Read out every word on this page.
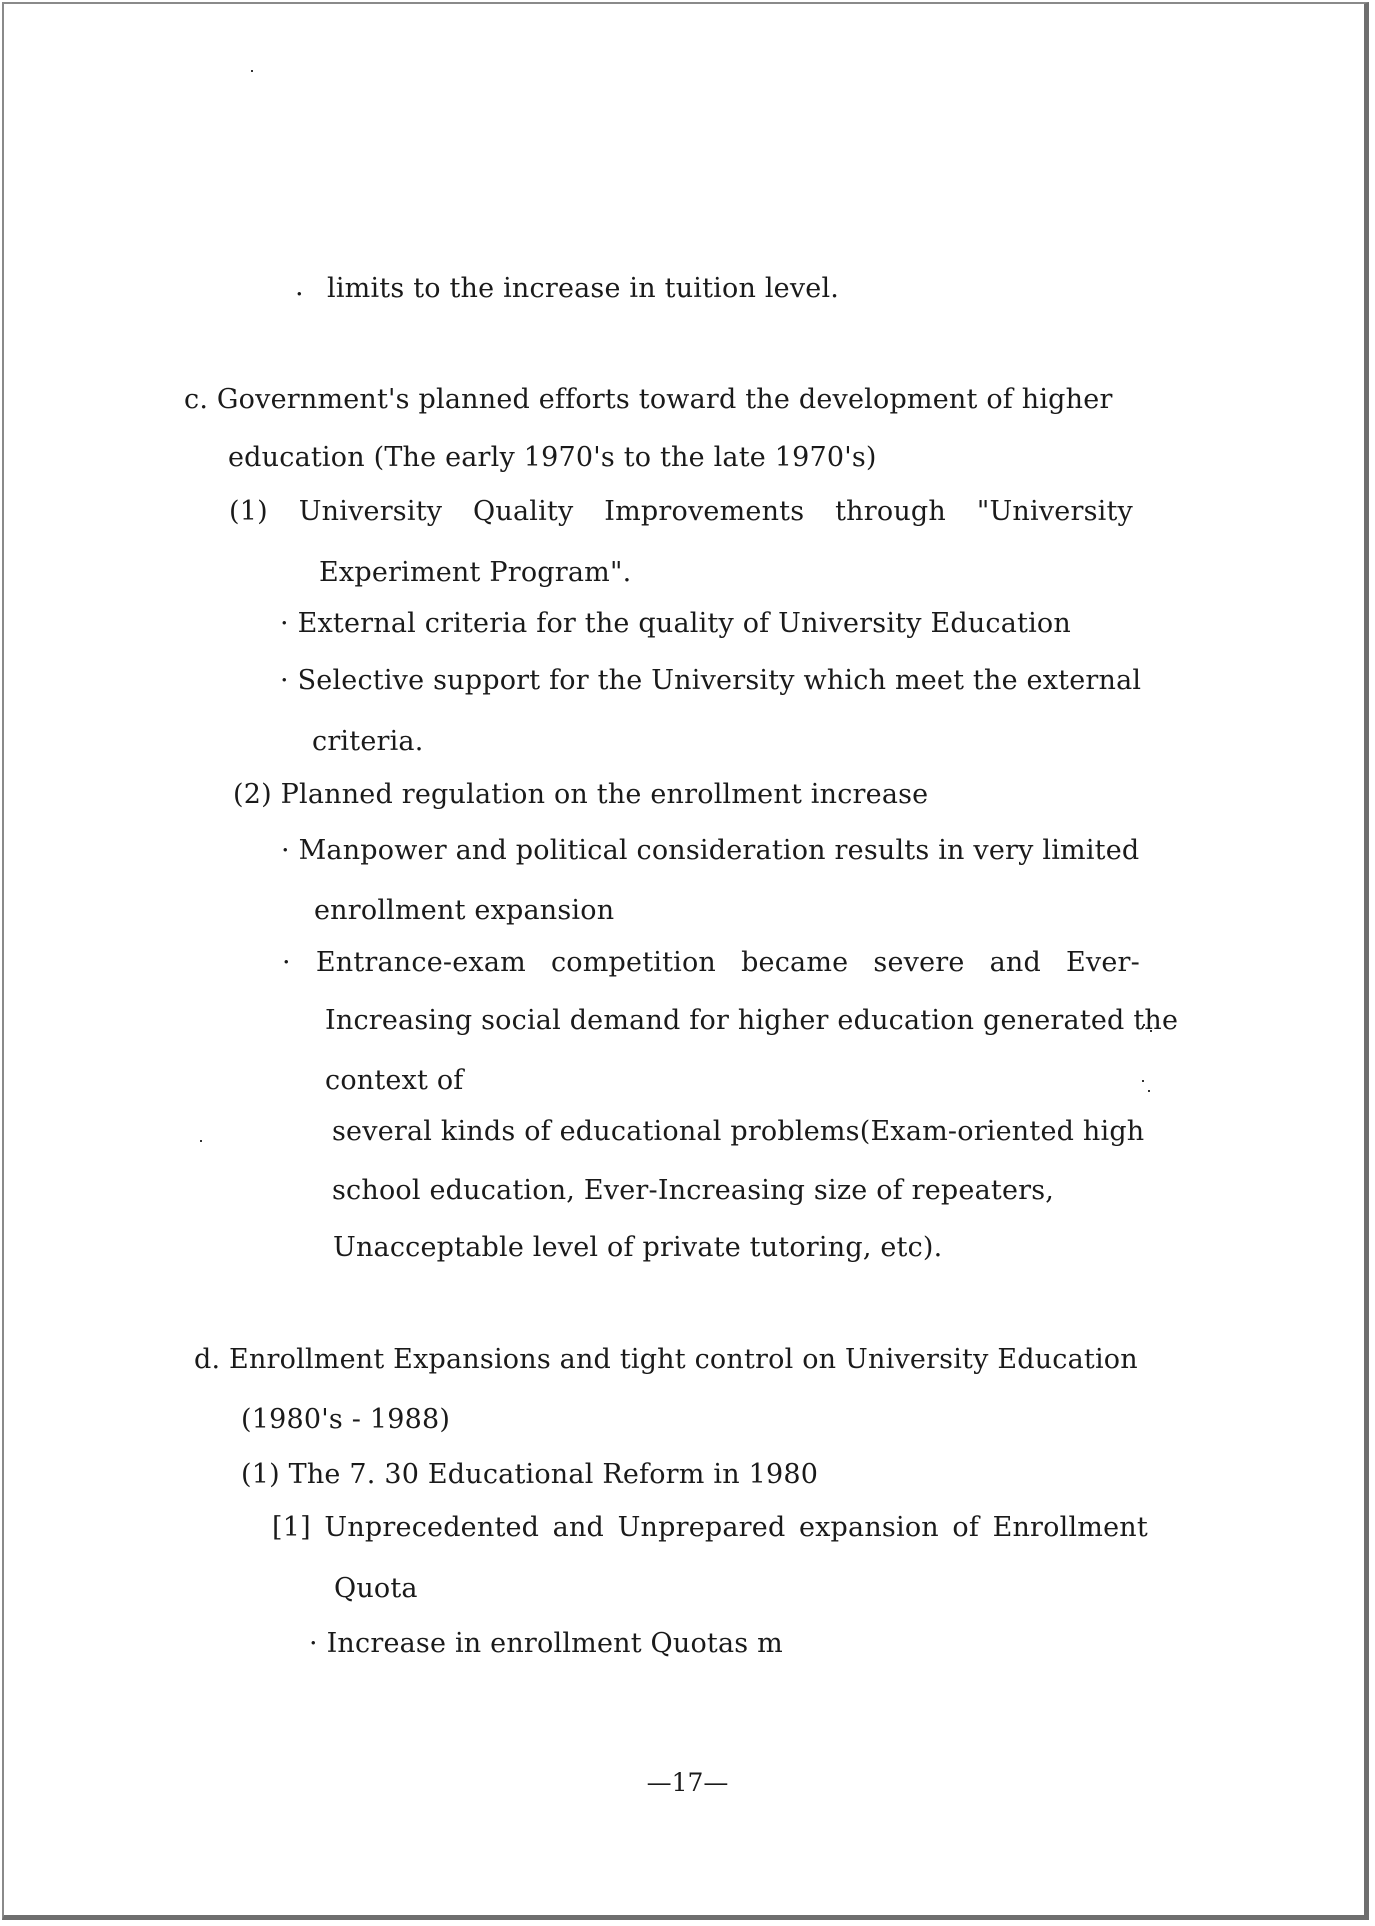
. limits to the increase in tuition level.
c. Government's planned efforts toward the development of higher
education (The early 1970's to the late 1970's)
(1) University Quality Improvements through "University
Experiment Program".
· External criteria for the quality of University Education
· Selective support for the University which meet the external
criteria.
(2) Planned regulation on the enrollment increase
· Manpower and political consideration results in very limited
enrollment expansion
· Entrance-exam competition became severe and Ever-
Increasing social demand for higher education generated the
context of
several kinds of educational problems(Exam-oriented high
school education, Ever-Increasing size of repeaters,
Unacceptable level of private tutoring, etc).
d. Enrollment Expansions and tight control on University Education
(1980's - 1988)
(1) The 7. 30 Educational Reform in 1980
[1] Unprecedented and Unprepared expansion of Enrollment
Quota
· Increase in enrollment Quotas m
—17—
